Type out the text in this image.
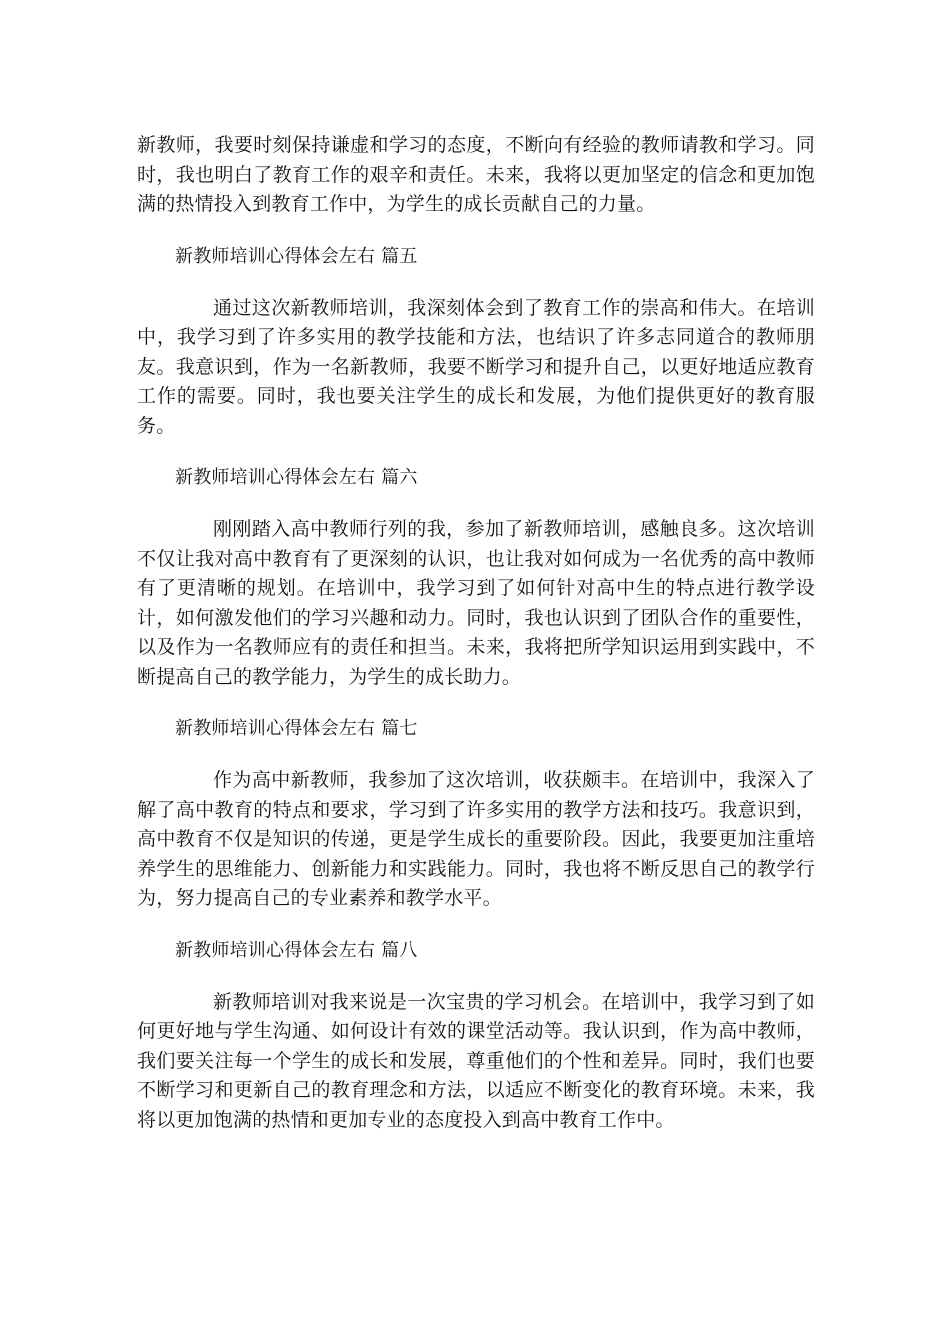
新教师，我要时刻保持谦虚和学习的态度，不断向有经验的教师请教和学习。同时，我也明白了教育工作的艰辛和责任。未来，我将以更加坚定的信念和更加饱满的热情投入到教育工作中，为学生的成长贡献自己的力量。

新教师培训心得体会左右 篇五

通过这次新教师培训，我深刻体会到了教育工作的崇高和伟大。在培训中，我学习到了许多实用的教学技能和方法，也结识了许多志同道合的教师朋友。我意识到，作为一名新教师，我要不断学习和提升自己，以更好地适应教育工作的需要。同时，我也要关注学生的成长和发展，为他们提供更好的教育服务。

新教师培训心得体会左右 篇六

刚刚踏入高中教师行列的我，参加了新教师培训，感触良多。这次培训不仅让我对高中教育有了更深刻的认识，也让我对如何成为一名优秀的高中教师有了更清晰的规划。在培训中，我学习到了如何针对高中生的特点进行教学设计，如何激发他们的学习兴趣和动力。同时，我也认识到了团队合作的重要性，以及作为一名教师应有的责任和担当。未来，我将把所学知识运用到实践中，不断提高自己的教学能力，为学生的成长助力。

新教师培训心得体会左右 篇七

作为高中新教师，我参加了这次培训，收获颇丰。在培训中，我深入了解了高中教育的特点和要求，学习到了许多实用的教学方法和技巧。我意识到，高中教育不仅是知识的传递，更是学生成长的重要阶段。因此，我要更加注重培养学生的思维能力、创新能力和实践能力。同时，我也将不断反思自己的教学行为，努力提高自己的专业素养和教学水平。

新教师培训心得体会左右 篇八

新教师培训对我来说是一次宝贵的学习机会。在培训中，我学习到了如何更好地与学生沟通、如何设计有效的课堂活动等。我认识到，作为高中教师，我们要关注每一个学生的成长和发展，尊重他们的个性和差异。同时，我们也要不断学习和更新自己的教育理念和方法，以适应不断变化的教育环境。未来，我将以更加饱满的热情和更加专业的态度投入到高中教育工作中。
